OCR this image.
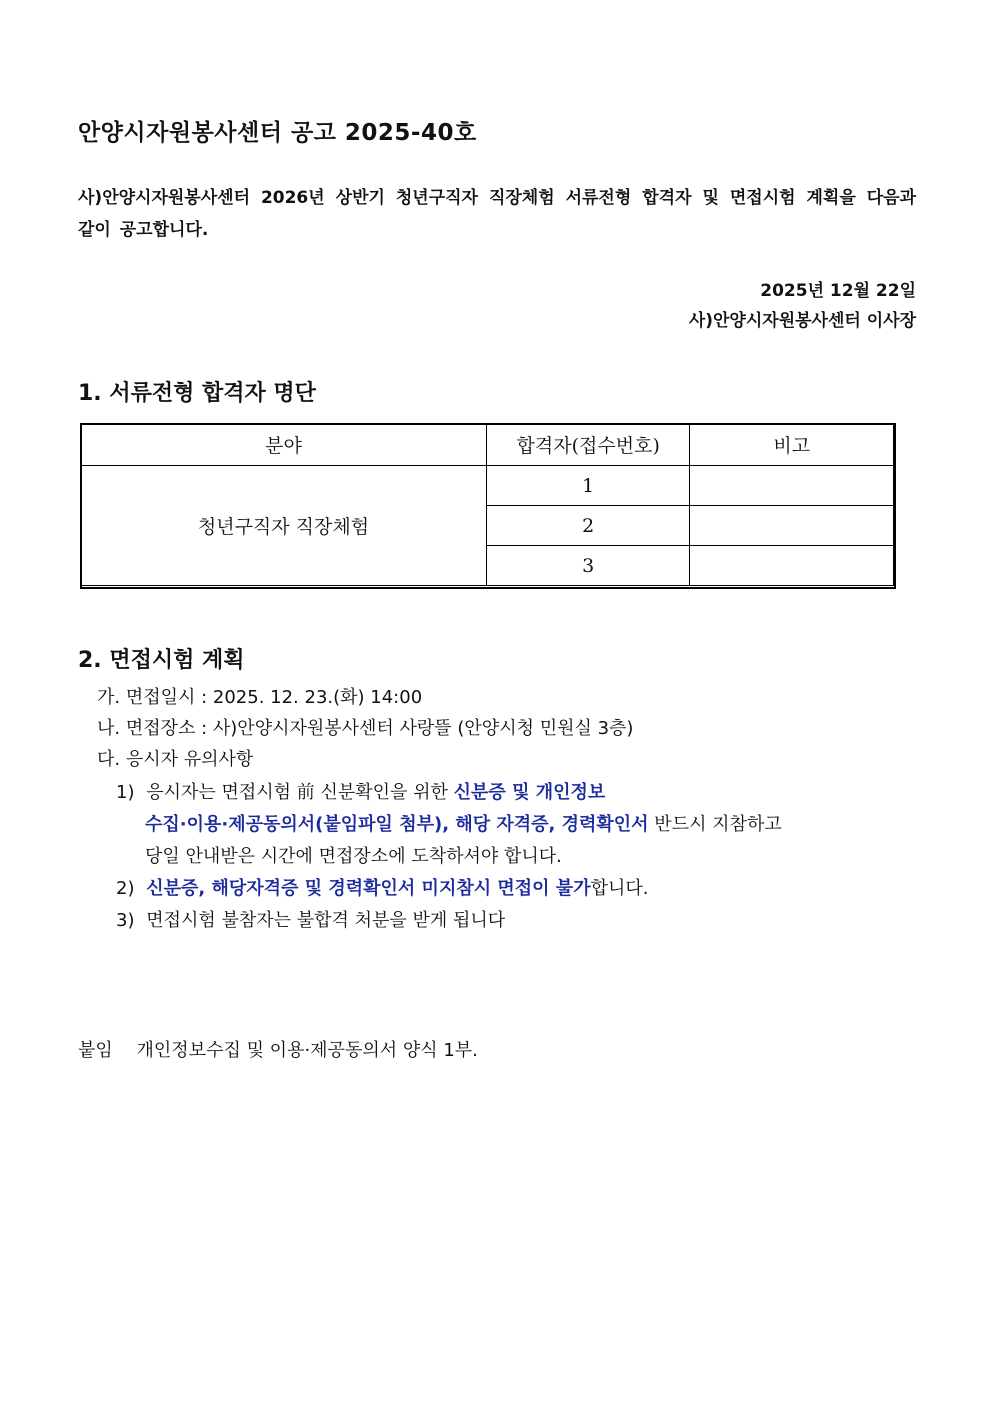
안양시자원봉사센터 공고 2025-40호
사)안양시자원봉사센터 2026년 상반기 청년구직자 직장체험 서류전형 합격자 및 면접시험 계획을 다음과 같이 공고합니다.
2025년 12월 22일
사)안양시자원봉사센터 이사장
1. 서류전형 합격자 명단
분야	합격자(접수번호)	비고
청년구직자 직장체험	1	
	2	
	3	
2. 면접시험 계획
가. 면접일시 : 2025. 12. 23.(화) 14:00
나. 면접장소 : 사)안양시자원봉사센터 사랑뜰 (안양시청 민원실 3층)
다. 응시자 유의사항
1) 응시자는 면접시험 前 신분확인을 위한 신분증 및 개인정보
수집·이용·제공동의서(붙임파일 첨부), 해당 자격증, 경력확인서 반드시 지참하고
당일 안내받은 시간에 면접장소에 도착하셔야 합니다.
2) 신분증, 해당자격증 및 경력확인서 미지참시 면접이 불가합니다.
3) 면접시험 불참자는 불합격 처분을 받게 됩니다
붙임 개인정보수집 및 이용·제공동의서 양식 1부.
